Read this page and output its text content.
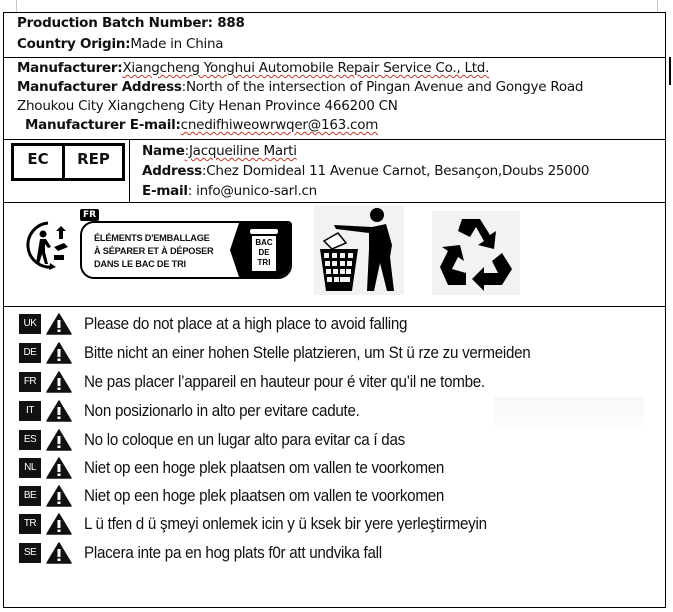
Production Batch Number: 888
Country Origin:Made in China
Manufacturer:Xiangcheng Yonghui Automobile Repair Service Co., Ltd.
Manufacturer Address:North of the intersection of Pingan Avenue and Gongye Road
Zhoukou City Xiangcheng City Henan Province 466200 CN
Manufacturer E-mail:cnedifhiweowrwqer@163.com
EC	REP	Name:Jacqueiline Marti
Address:Chez Domideal 11 Avenue Carnot, Besançon,Doubs 25000
E-mail: info@unico-sarl.cn
FR
ÉLÉMENTS D'EMBALLAGE
À SÉPARER ET À DÉPOSER
DANS LE BAC DE TRI
BAC
DE
TRI
UK	Please do not place at a high place to avoid falling
DE	Bitte nicht an einer hohen Stelle platzieren, um St ü rze zu vermeiden
FR	Ne pas placer l’appareil en hauteur pour é viter qu’il ne tombe.
IT	Non posizionarlo in alto per evitare cadute.
ES	No lo coloque en un lugar alto para evitar ca í das
NL	Niet op een hoge plek plaatsen om vallen te voorkomen
BE	Niet op een hoge plek plaatsen om vallen te voorkomen
TR	L ü tfen d ü şmeyi onlemek icin y ü ksek bir yere yerleştirmeyin
SE	Placera inte pa en hog plats f0r att undvika fall
